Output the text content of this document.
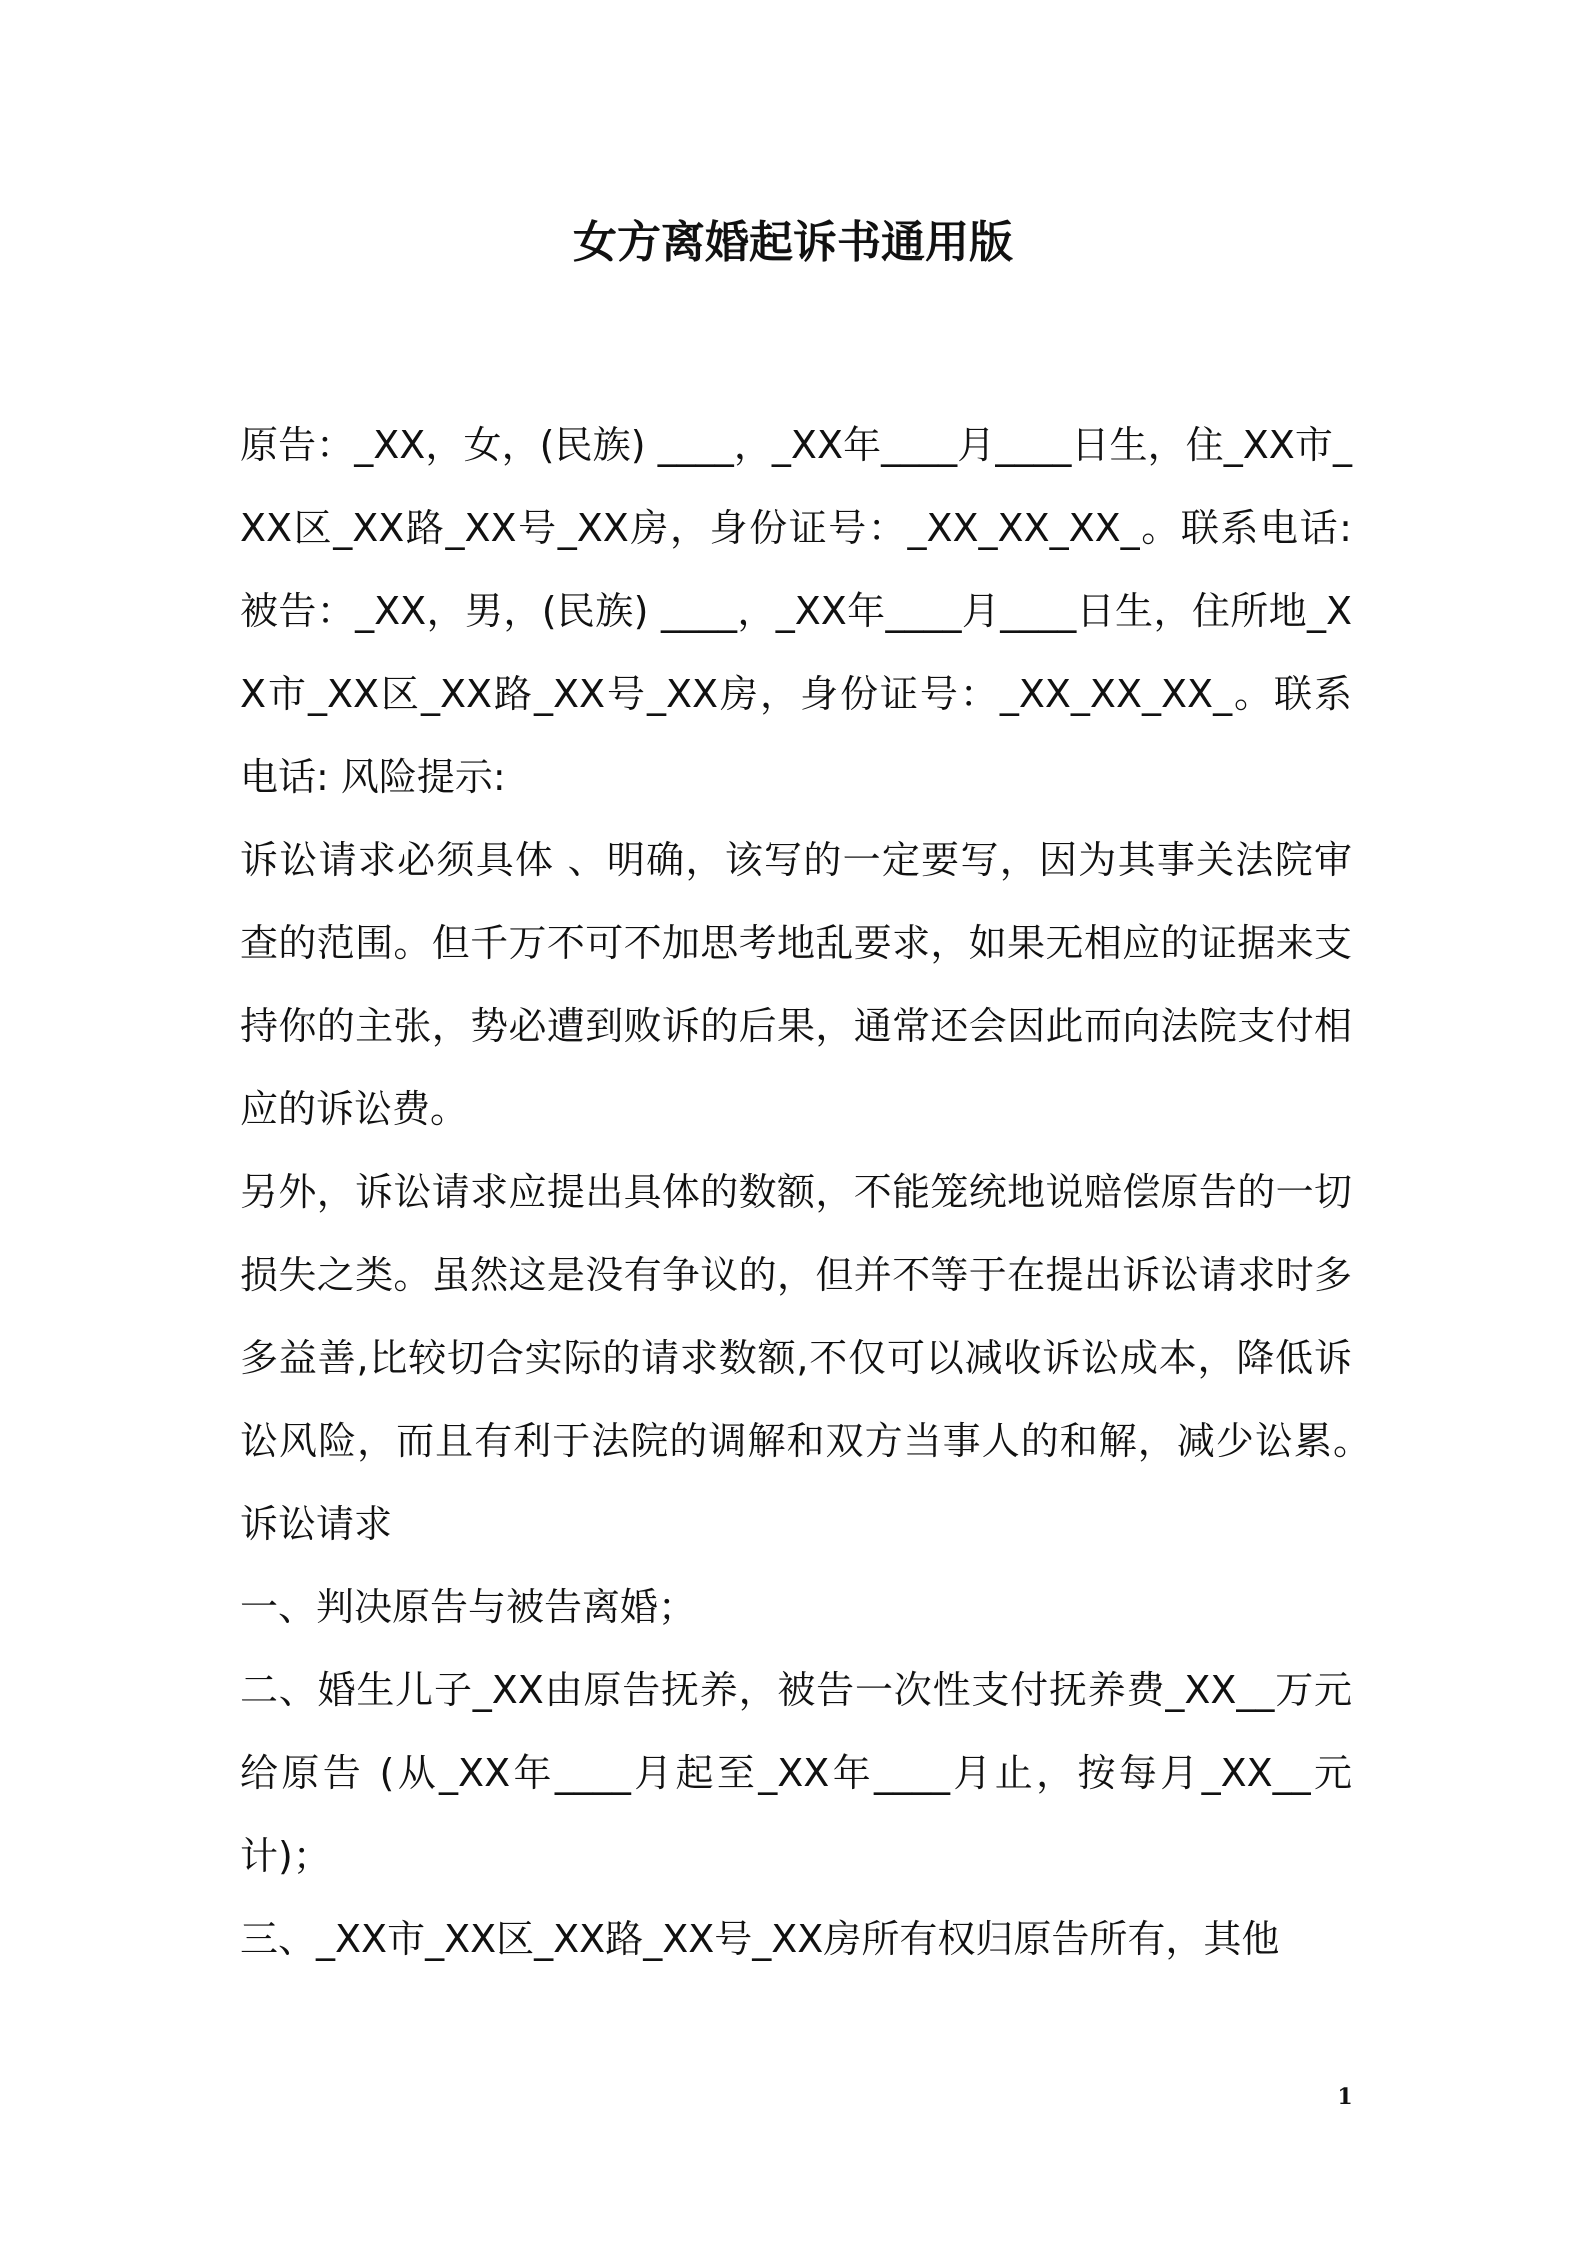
女方离婚起诉书通用版

原告：_XX，女，(民族) ____，_XX年____月____日生，住_XX市_XX区_XX路_XX号_XX房，身份证号：_XX_XX_XX_。联系电话:被告：_XX，男，(民族) ____，_XX年____月____日生，住所地_XX市_XX区_XX路_XX号_XX房，身份证号：_XX_XX_XX_。联系电话: 风险提示:

诉讼请求必须具体 、明确，该写的一定要写，因为其事关法院审查的范围。但千万不可不加思考地乱要求，如果无相应的证据来支持你的主张，势必遭到败诉的后果，通常还会因此而向法院支付相应的诉讼费。

另外，诉讼请求应提出具体的数额，不能笼统地说赔偿原告的一切损失之类。虽然这是没有争议的，但并不等于在提出诉讼请求时多多益善,比较切合实际的请求数额,不仅可以减收诉讼成本，降低诉讼风险，而且有利于法院的调解和双方当事人的和解，减少讼累。　诉讼请求

一、判决原告与被告离婚；

二、婚生儿子_XX由原告抚养，被告一次性支付抚养费_XX__万元给原告 (从_XX年____月起至_XX年____月止，按每月_XX__元计)；

三、_XX市_XX区_XX路_XX号_XX房所有权归原告所有，其他

1
